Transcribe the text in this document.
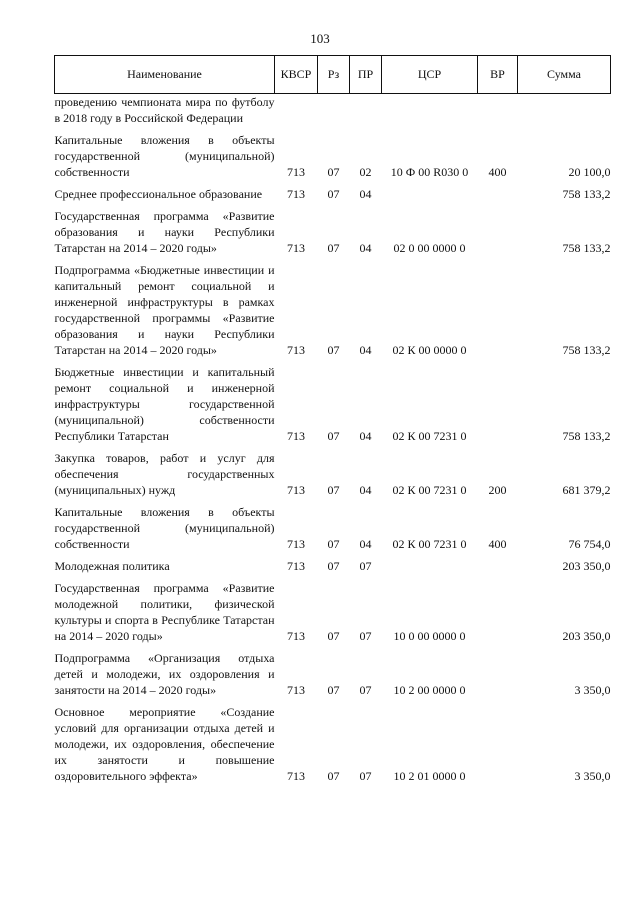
103
Наименование	КВСР	Рз	ПР	ЦСР	ВР	Сумма
проведению чемпионата мира по футболу в 2018 году в Российской Федерации						
Капитальные вложения в объекты государственной (муниципальной) собственности	713	07	02	10 Ф 00 R030 0	400	20 100,0
Среднее профессиональное образование	713	07	04			758 133,2
Государственная программа «Развитие образования и науки Республики Татарстан на 2014 – 2020 годы»	713	07	04	02 0 00 0000 0		758 133,2
Подпрограмма «Бюджетные инвестиции и капитальный ремонт социальной и инженерной инфраструктуры в рамках государственной программы «Развитие образования и науки Республики Татарстан на 2014 – 2020 годы»	713	07	04	02 К 00 0000 0		758 133,2
Бюджетные инвестиции и капитальный ремонт социальной и инженерной инфраструктуры государственной (муниципальной) собственности Республики Татарстан	713	07	04	02 К 00 7231 0		758 133,2
Закупка товаров, работ и услуг для обеспечения государственных (муниципальных) нужд	713	07	04	02 К 00 7231 0	200	681 379,2
Капитальные вложения в объекты государственной (муниципальной) собственности	713	07	04	02 К 00 7231 0	400	76 754,0
Молодежная политика	713	07	07			203 350,0
Государственная программа «Развитие молодежной политики, физической культуры и спорта в Республике Татарстан на 2014 – 2020 годы»	713	07	07	10 0 00 0000 0		203 350,0
Подпрограмма «Организация отдыха детей и молодежи, их оздоровления и занятости на 2014 – 2020 годы»	713	07	07	10 2 00 0000 0		3 350,0
Основное мероприятие «Создание условий для организации отдыха детей и молодежи, их оздоровления, обеспечение их занятости и повышение оздоровительного эффекта»	713	07	07	10 2 01 0000 0		3 350,0
